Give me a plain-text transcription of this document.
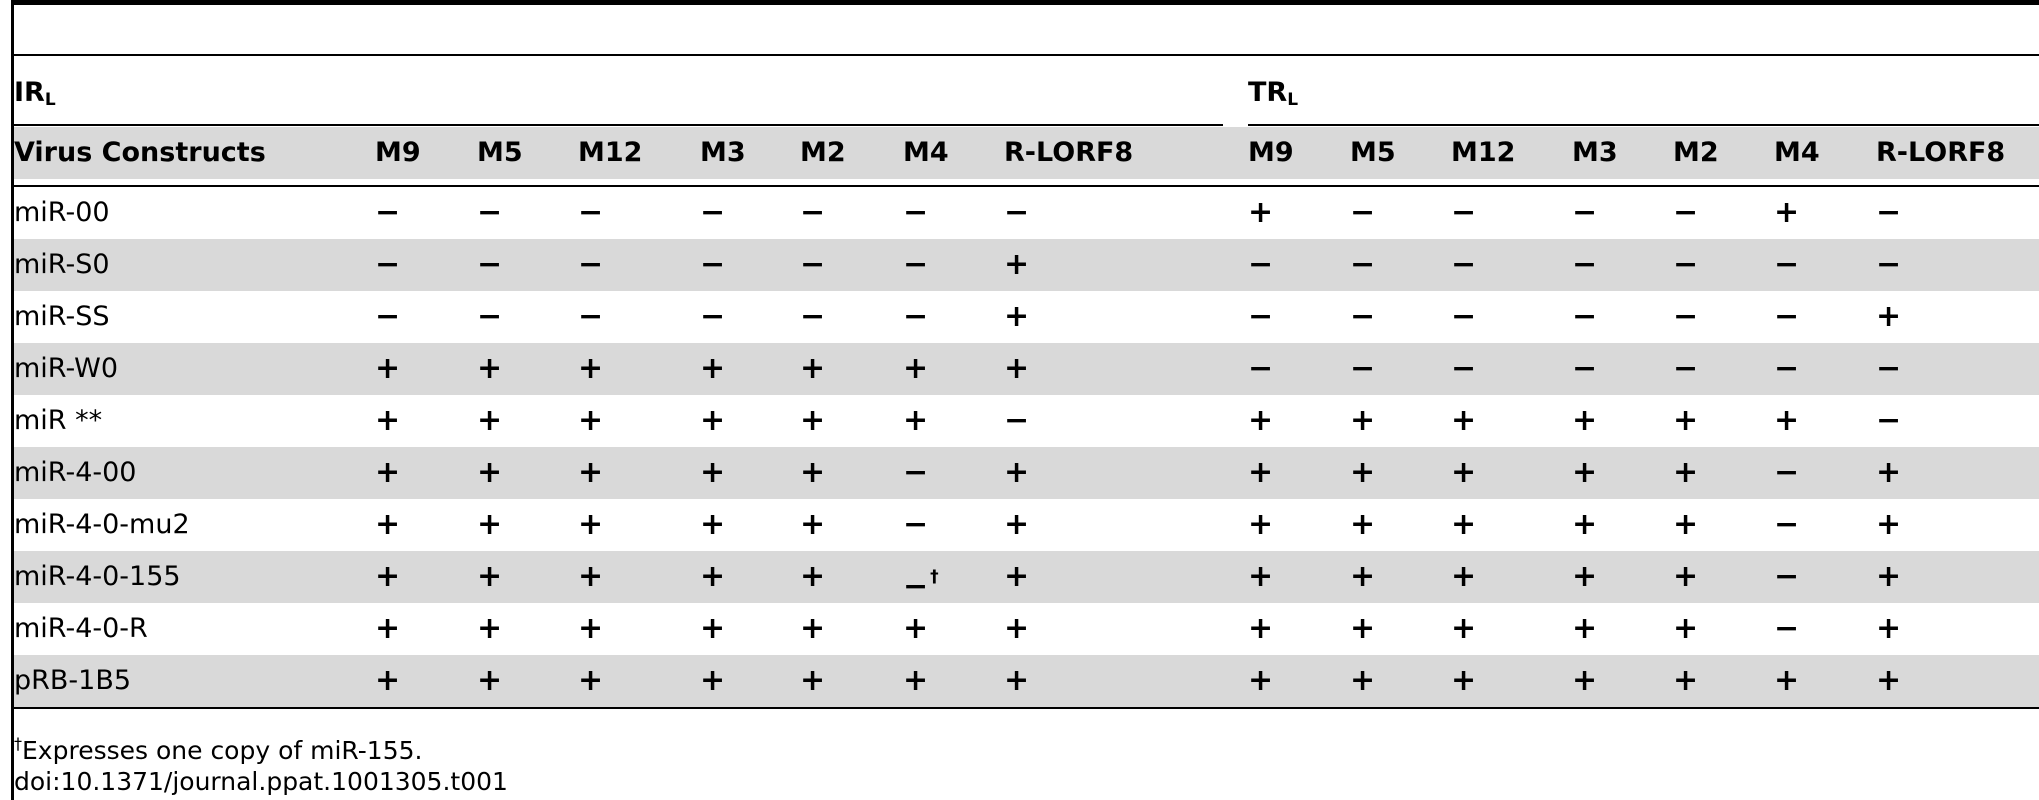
$IR_L$	$TR_L$
Virus Constructs	M9 M5 M12 M3 M2 M4 R-LORF8	M9 M5 M12 M3 M2 M4 R-LORF8
miR-00	−	−	−	− −	−	−	+	−	−	−	−	+	−
miR-S0	−	−	−	− −	−	+	−	−	−	−	−	−	−
miR-SS	−	−	−	− −	−	+	−	−	−	−	−	−	+
miR-W0	+	+	+	+ +	+	+	−	−	−	−	−	−	−
miR **	+	+	+	+ +	+	−	+	+	+	+	+	+	−
miR-4-00	+	+	+	+ +	−	+	+	+	+	+	+	−	+
miR-4-0-mu2	+	+	+	+ +	−	+	+	+	+	+	+	−	+
miR-4-0-155	+	+	+	+ +	− † +	+	+	+	+	+	−	+
miR-4-0-R	+	+	+	+ +	+	+	+	+	+	+	+	−	+
pRB-1B5	+	+	+	+ +	+	+	+	+	+	+	+	+	+
†Expresses one copy of miR-155.
doi:10.1371/journal.ppat.1001305.t001
